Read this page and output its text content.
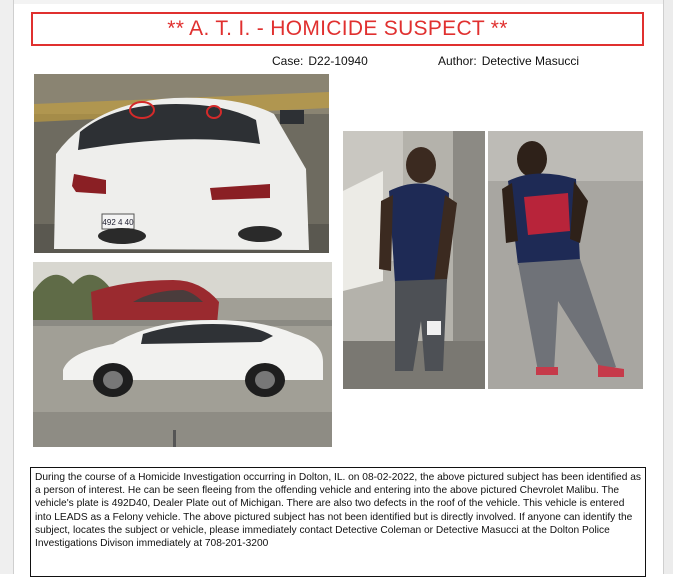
** A. T. I. - HOMICIDE SUSPECT **
Case: D22-10940	Author: Detective Masucci
492 4 40
During the course of a Homicide Investigation occurring in Dolton, IL. on 08-02-2022, the above pictured subject has been identified as a person of interest. He can be seen fleeing from the offending vehicle and entering into the above pictured Chevrolet Malibu. The vehicle's plate is 492D40, Dealer Plate out of Michigan. There are also two defects in the roof of the vehicle. This vehicle is entered into LEADS as a Felony vehicle. The above pictured subject has not been identified but is directly involved. If anyone can identify the subject, locates the subject or vehicle, please immediately contact Detective Coleman or Detective Masucci at the Dolton Police Investigations Divison immediately at 708-201-3200
